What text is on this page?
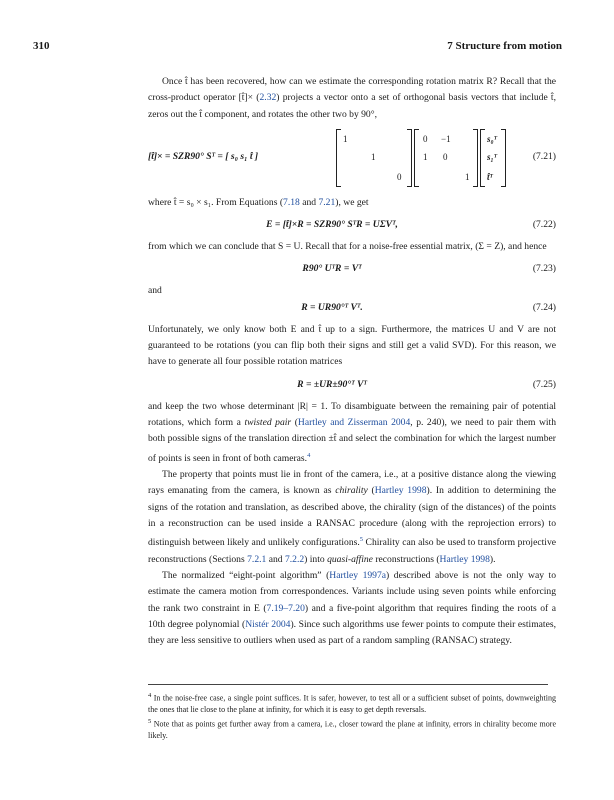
310	7 Structure from motion

Once t̂ has been recovered, how can we estimate the corresponding rotation matrix R? Recall that the cross-product operator [t̂]× (2.32) projects a vector onto a set of orthogonal basis vectors that include t̂, zeros out the t̂ component, and rotates the other two by 90°,

[t̂]× = SZR90° Sᵀ = [ s₀ s₁ t̂ ]
1
1
0
0 −1
1 0
1
s₀ᵀ
s₁ᵀ
t̂ᵀ
(7.21)

where t̂ = s₀ × s₁. From Equations (7.18 and 7.21), we get

E = [t̂]×R = SZR90° SᵀR = UΣVᵀ,	(7.22)

from which we can conclude that S = U. Recall that for a noise-free essential matrix, (Σ = Z), and hence

R90° UᵀR = Vᵀ	(7.23)

and

R = UR90°ᵀ Vᵀ.	(7.24)

Unfortunately, we only know both E and t̂ up to a sign. Furthermore, the matrices U and V are not guaranteed to be rotations (you can flip both their signs and still get a valid SVD). For this reason, we have to generate all four possible rotation matrices

R = ±UR±90°ᵀ Vᵀ	(7.25)

and keep the two whose determinant |R| = 1. To disambiguate between the remaining pair of potential rotations, which form a twisted pair (Hartley and Zisserman 2004, p. 240), we need to pair them with both possible signs of the translation direction ±t̂ and select the combination for which the largest number of points is seen in front of both cameras.$^4$

The property that points must lie in front of the camera, i.e., at a positive distance along the viewing rays emanating from the camera, is known as chirality (Hartley 1998). In addition to determining the signs of the rotation and translation, as described above, the chirality (sign of the distances) of the points in a reconstruction can be used inside a RANSAC procedure (along with the reprojection errors) to distinguish between likely and unlikely configurations.$^5$ Chirality can also be used to transform projective reconstructions (Sections 7.2.1 and 7.2.2) into quasi-affine reconstructions (Hartley 1998).

The normalized “eight-point algorithm” (Hartley 1997a) described above is not the only way to estimate the camera motion from correspondences. Variants include using seven points while enforcing the rank two constraint in E (7.19–7.20) and a five-point algorithm that requires finding the roots of a 10th degree polynomial (Nistér 2004). Since such algorithms use fewer points to compute their estimates, they are less sensitive to outliers when used as part of a random sampling (RANSAC) strategy.

$^4$ In the noise-free case, a single point suffices. It is safer, however, to test all or a sufficient subset of points, downweighting the ones that lie close to the plane at infinity, for which it is easy to get depth reversals.
$^5$ Note that as points get further away from a camera, i.e., closer toward the plane at infinity, errors in chirality become more likely.
